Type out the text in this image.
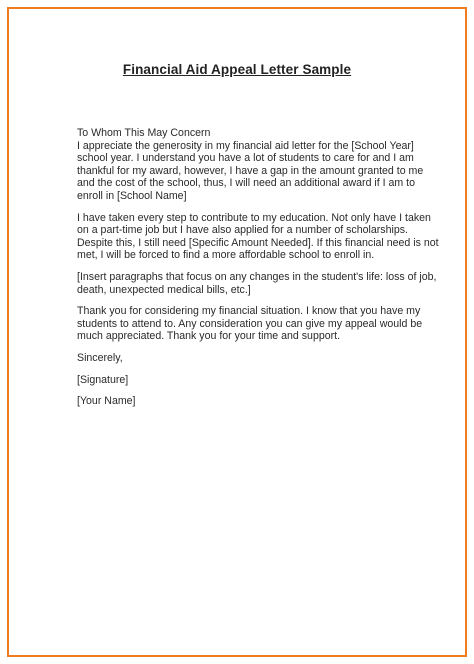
Financial Aid Appeal Letter Sample

To Whom This May Concern
I appreciate the generosity in my financial aid letter for the [School Year]
school year. I understand you have a lot of students to care for and I am
thankful for my award, however, I have a gap in the amount granted to me
and the cost of the school, thus, I will need an additional award if I am to
enroll in [School Name]

I have taken every step to contribute to my education. Not only have I taken
on a part-time job but I have also applied for a number of scholarships.
Despite this, I still need [Specific Amount Needed]. If this financial need is not
met, I will be forced to find a more affordable school to enroll in.

[Insert paragraphs that focus on any changes in the student's life: loss of job,
death, unexpected medical bills, etc.]

Thank you for considering my financial situation. I know that you have my
students to attend to. Any consideration you can give my appeal would be
much appreciated. Thank you for your time and support.

Sincerely,

[Signature]

[Your Name]
